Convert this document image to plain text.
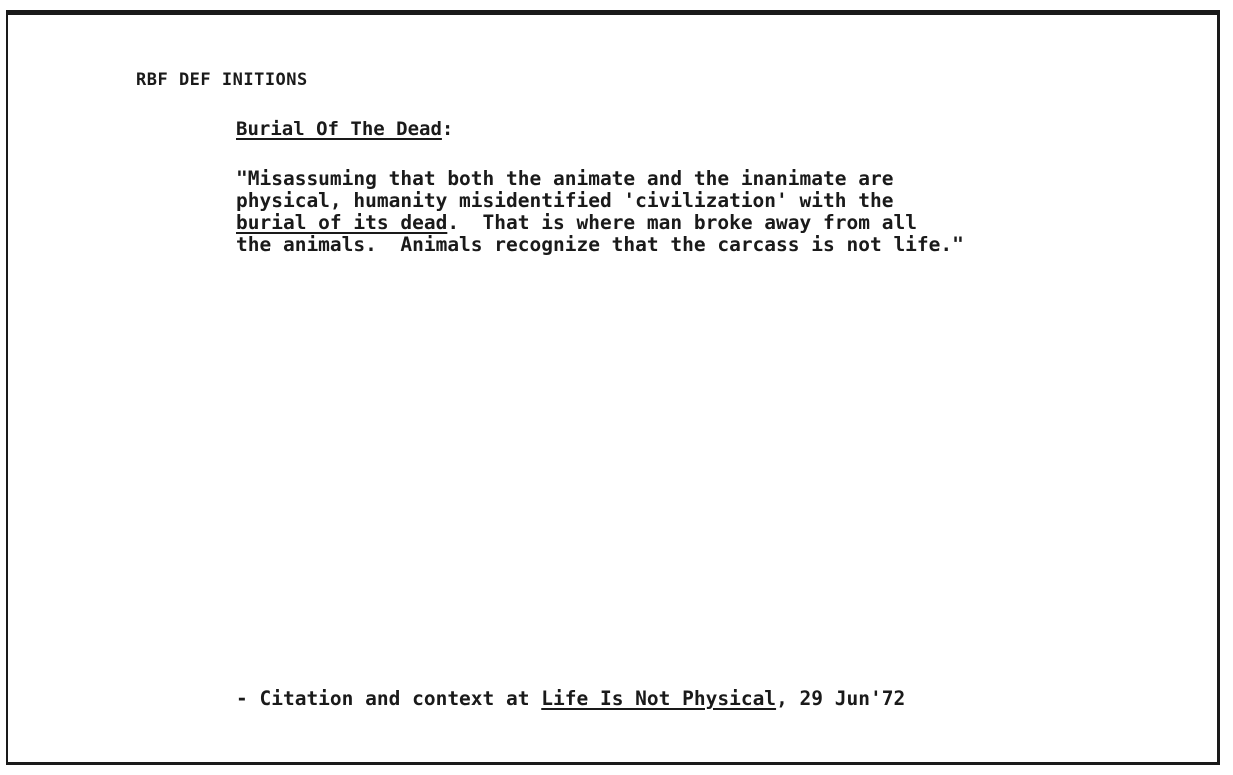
RBF DEF INITIONS
Burial Of The Dead:
"Misassuming that both the animate and the inanimate are
physical, humanity misidentified 'civilization' with the
burial of its dead.  That is where man broke away from all
the animals.  Animals recognize that the carcass is not life."
- Citation and context at Life Is Not Physical, 29 Jun'72
